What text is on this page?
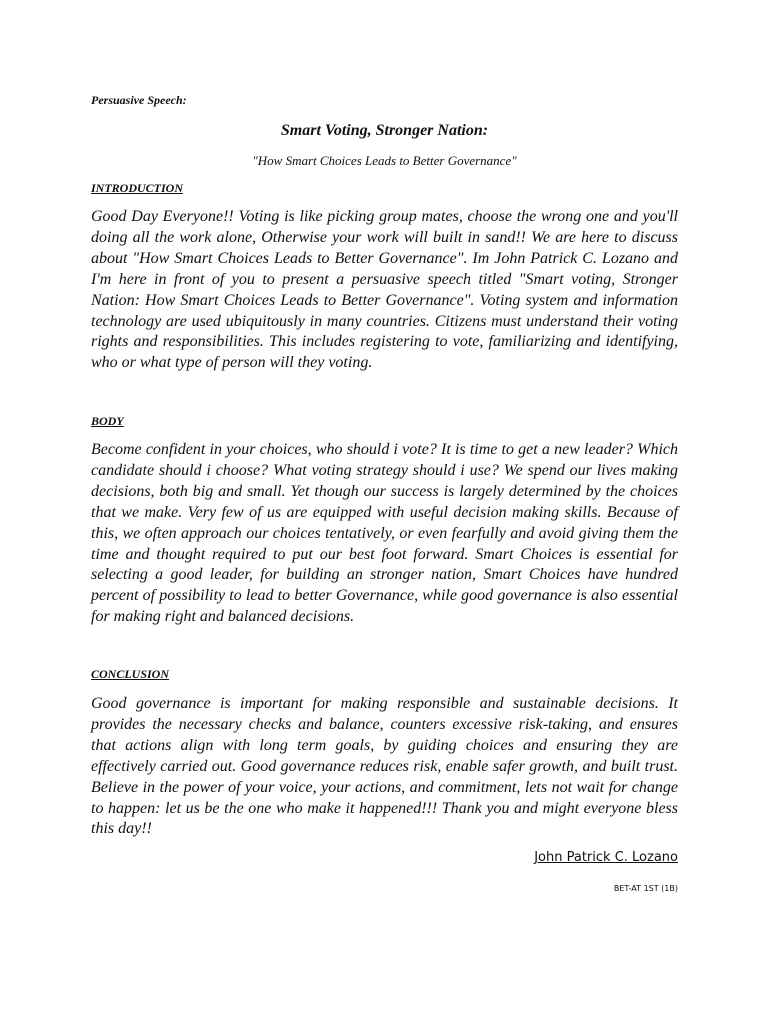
Persuasive Speech:
Smart Voting, Stronger Nation:
"How Smart Choices Leads to Better Governance"
INTRODUCTION

Good Day Everyone!! Voting is like picking group mates, choose the wrong one and you'll doing all the work alone, Otherwise your work will built in sand!! We are here to discuss about "How Smart Choices Leads to Better Governance". Im John Patrick C. Lozano and I'm here in front of you to present a persuasive speech titled "Smart voting, Stronger Nation: How Smart Choices Leads to Better Governance". Voting system and information technology are used ubiquitously in many countries. Citizens must understand their voting rights and responsibilities. This includes registering to vote, familiarizing and identifying, who or what type of person will they voting.

BODY

Become confident in your choices, who should i vote? It is time to get a new leader? Which candidate should i choose? What voting strategy should i use? We spend our lives making decisions, both big and small. Yet though our success is largely determined by the choices that we make. Very few of us are equipped with useful decision making skills. Because of this, we often approach our choices tentatively, or even fearfully and avoid giving them the time and thought required to put our best foot forward. Smart Choices is essential for selecting a good leader, for building an stronger nation, Smart Choices have hundred percent of possibility to lead to better Governance, while good governance is also essential for making right and balanced decisions.

CONCLUSION

Good governance is important for making responsible and sustainable decisions. It provides the necessary checks and balance, counters excessive risk-taking, and ensures that actions align with long term goals, by guiding choices and ensuring they are effectively carried out. Good governance reduces risk, enable safer growth, and built trust. Believe in the power of your voice, your actions, and commitment, lets not wait for change to happen: let us be the one who make it happened!!! Thank you and might everyone bless this day!!

John Patrick C. Lozano
BET-AT 1ST (1B)
